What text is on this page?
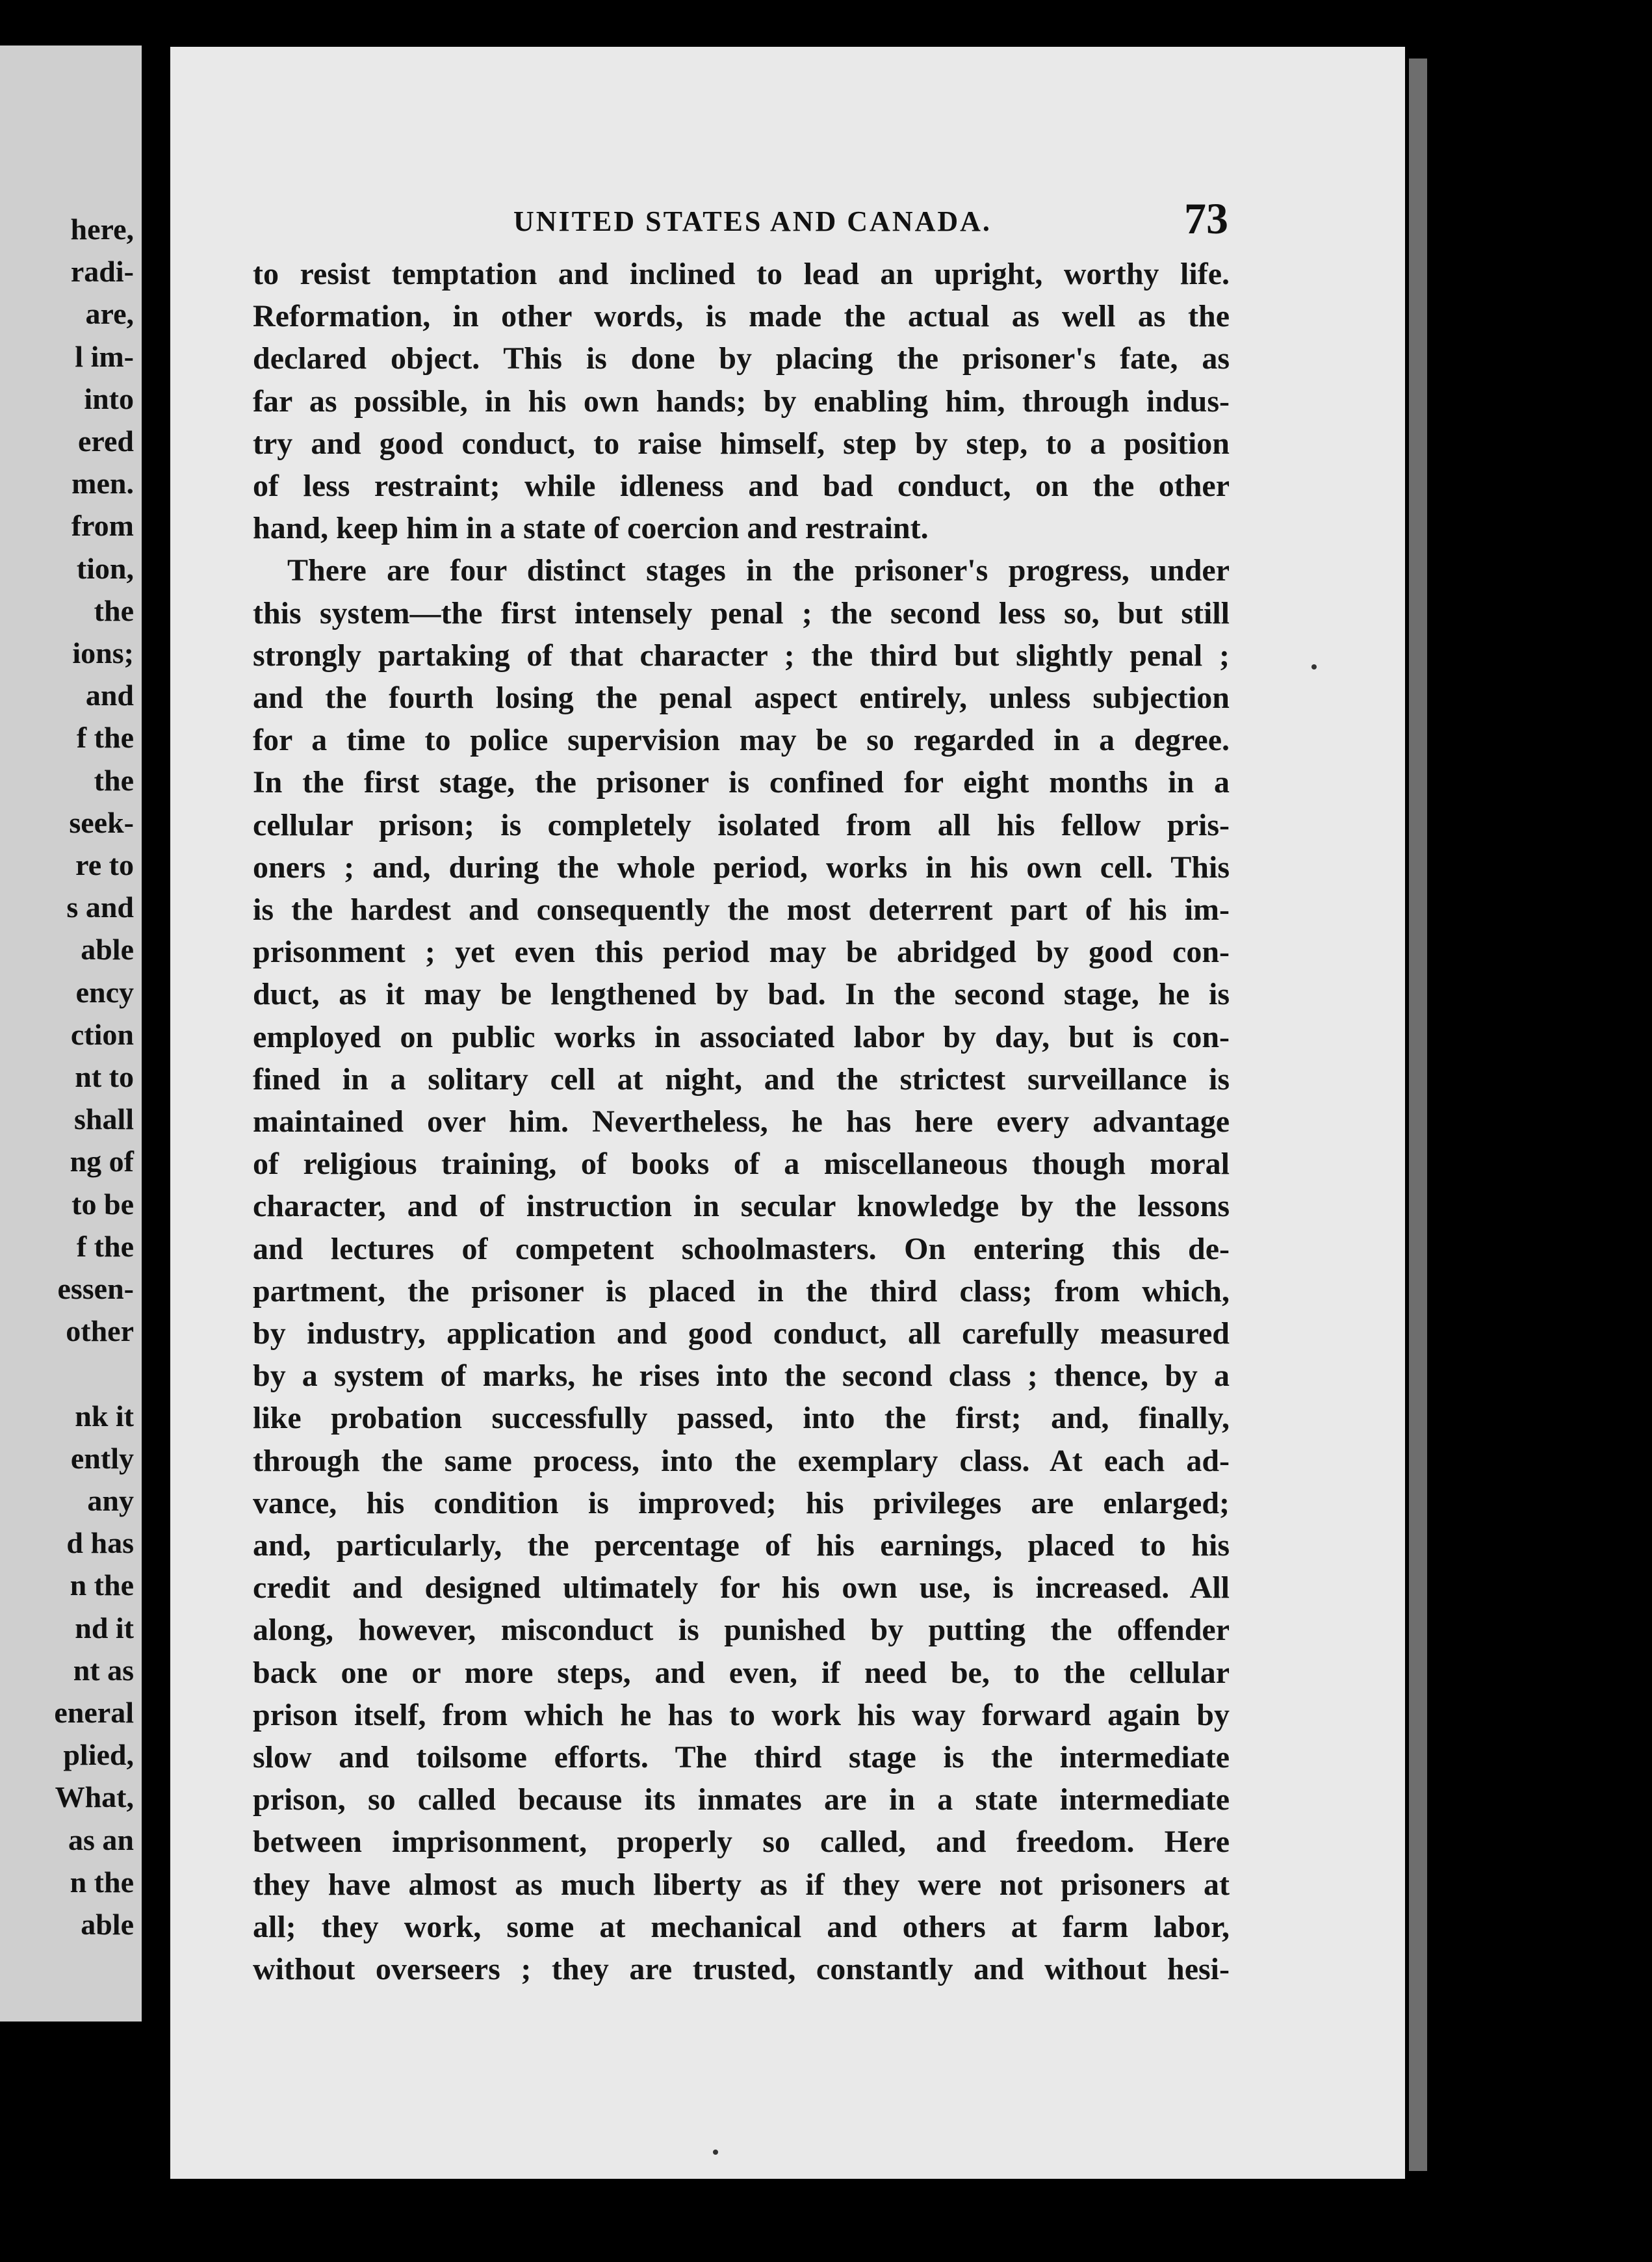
here,
radi-
are,
l im-
into
ered
men.
from
tion,
the
ions;
and
f the
the
seek-
re to
s and
able
ency
ction
nt to
shall
ng of
to be
f the
essen-
other
nk it
ently
any
d has
n the
nd it
nt as
eneral
plied,
What,
as an
n the
able
UNITED STATES AND CANADA.	73
to resist temptation and inclined to lead an upright, worthy life.
Reformation, in other words, is made the actual as well as the
declared object. This is done by placing the prisoner's fate, as
far as possible, in his own hands; by enabling him, through indus-
try and good conduct, to raise himself, step by step, to a position
of less restraint; while idleness and bad conduct, on the other
hand, keep him in a state of coercion and restraint.
There are four distinct stages in the prisoner's progress, under
this system—the first intensely penal ; the second less so, but still
strongly partaking of that character ; the third but slightly penal ;
and the fourth losing the penal aspect entirely, unless subjection
for a time to police supervision may be so regarded in a degree.
In the first stage, the prisoner is confined for eight months in a
cellular prison; is completely isolated from all his fellow pris-
oners ; and, during the whole period, works in his own cell. This
is the hardest and consequently the most deterrent part of his im-
prisonment ; yet even this period may be abridged by good con-
duct, as it may be lengthened by bad. In the second stage, he is
employed on public works in associated labor by day, but is con-
fined in a solitary cell at night, and the strictest surveillance is
maintained over him. Nevertheless, he has here every advantage
of religious training, of books of a miscellaneous though moral
character, and of instruction in secular knowledge by the lessons
and lectures of competent schoolmasters. On entering this de-
partment, the prisoner is placed in the third class; from which,
by industry, application and good conduct, all carefully measured
by a system of marks, he rises into the second class ; thence, by a
like probation successfully passed, into the first; and, finally,
through the same process, into the exemplary class. At each ad-
vance, his condition is improved; his privileges are enlarged;
and, particularly, the percentage of his earnings, placed to his
credit and designed ultimately for his own use, is increased. All
along, however, misconduct is punished by putting the offender
back one or more steps, and even, if need be, to the cellular
prison itself, from which he has to work his way forward again by
slow and toilsome efforts. The third stage is the intermediate
prison, so called because its inmates are in a state intermediate
between imprisonment, properly so called, and freedom. Here
they have almost as much liberty as if they were not prisoners at
all; they work, some at mechanical and others at farm labor,
without overseers ; they are trusted, constantly and without hesi-
